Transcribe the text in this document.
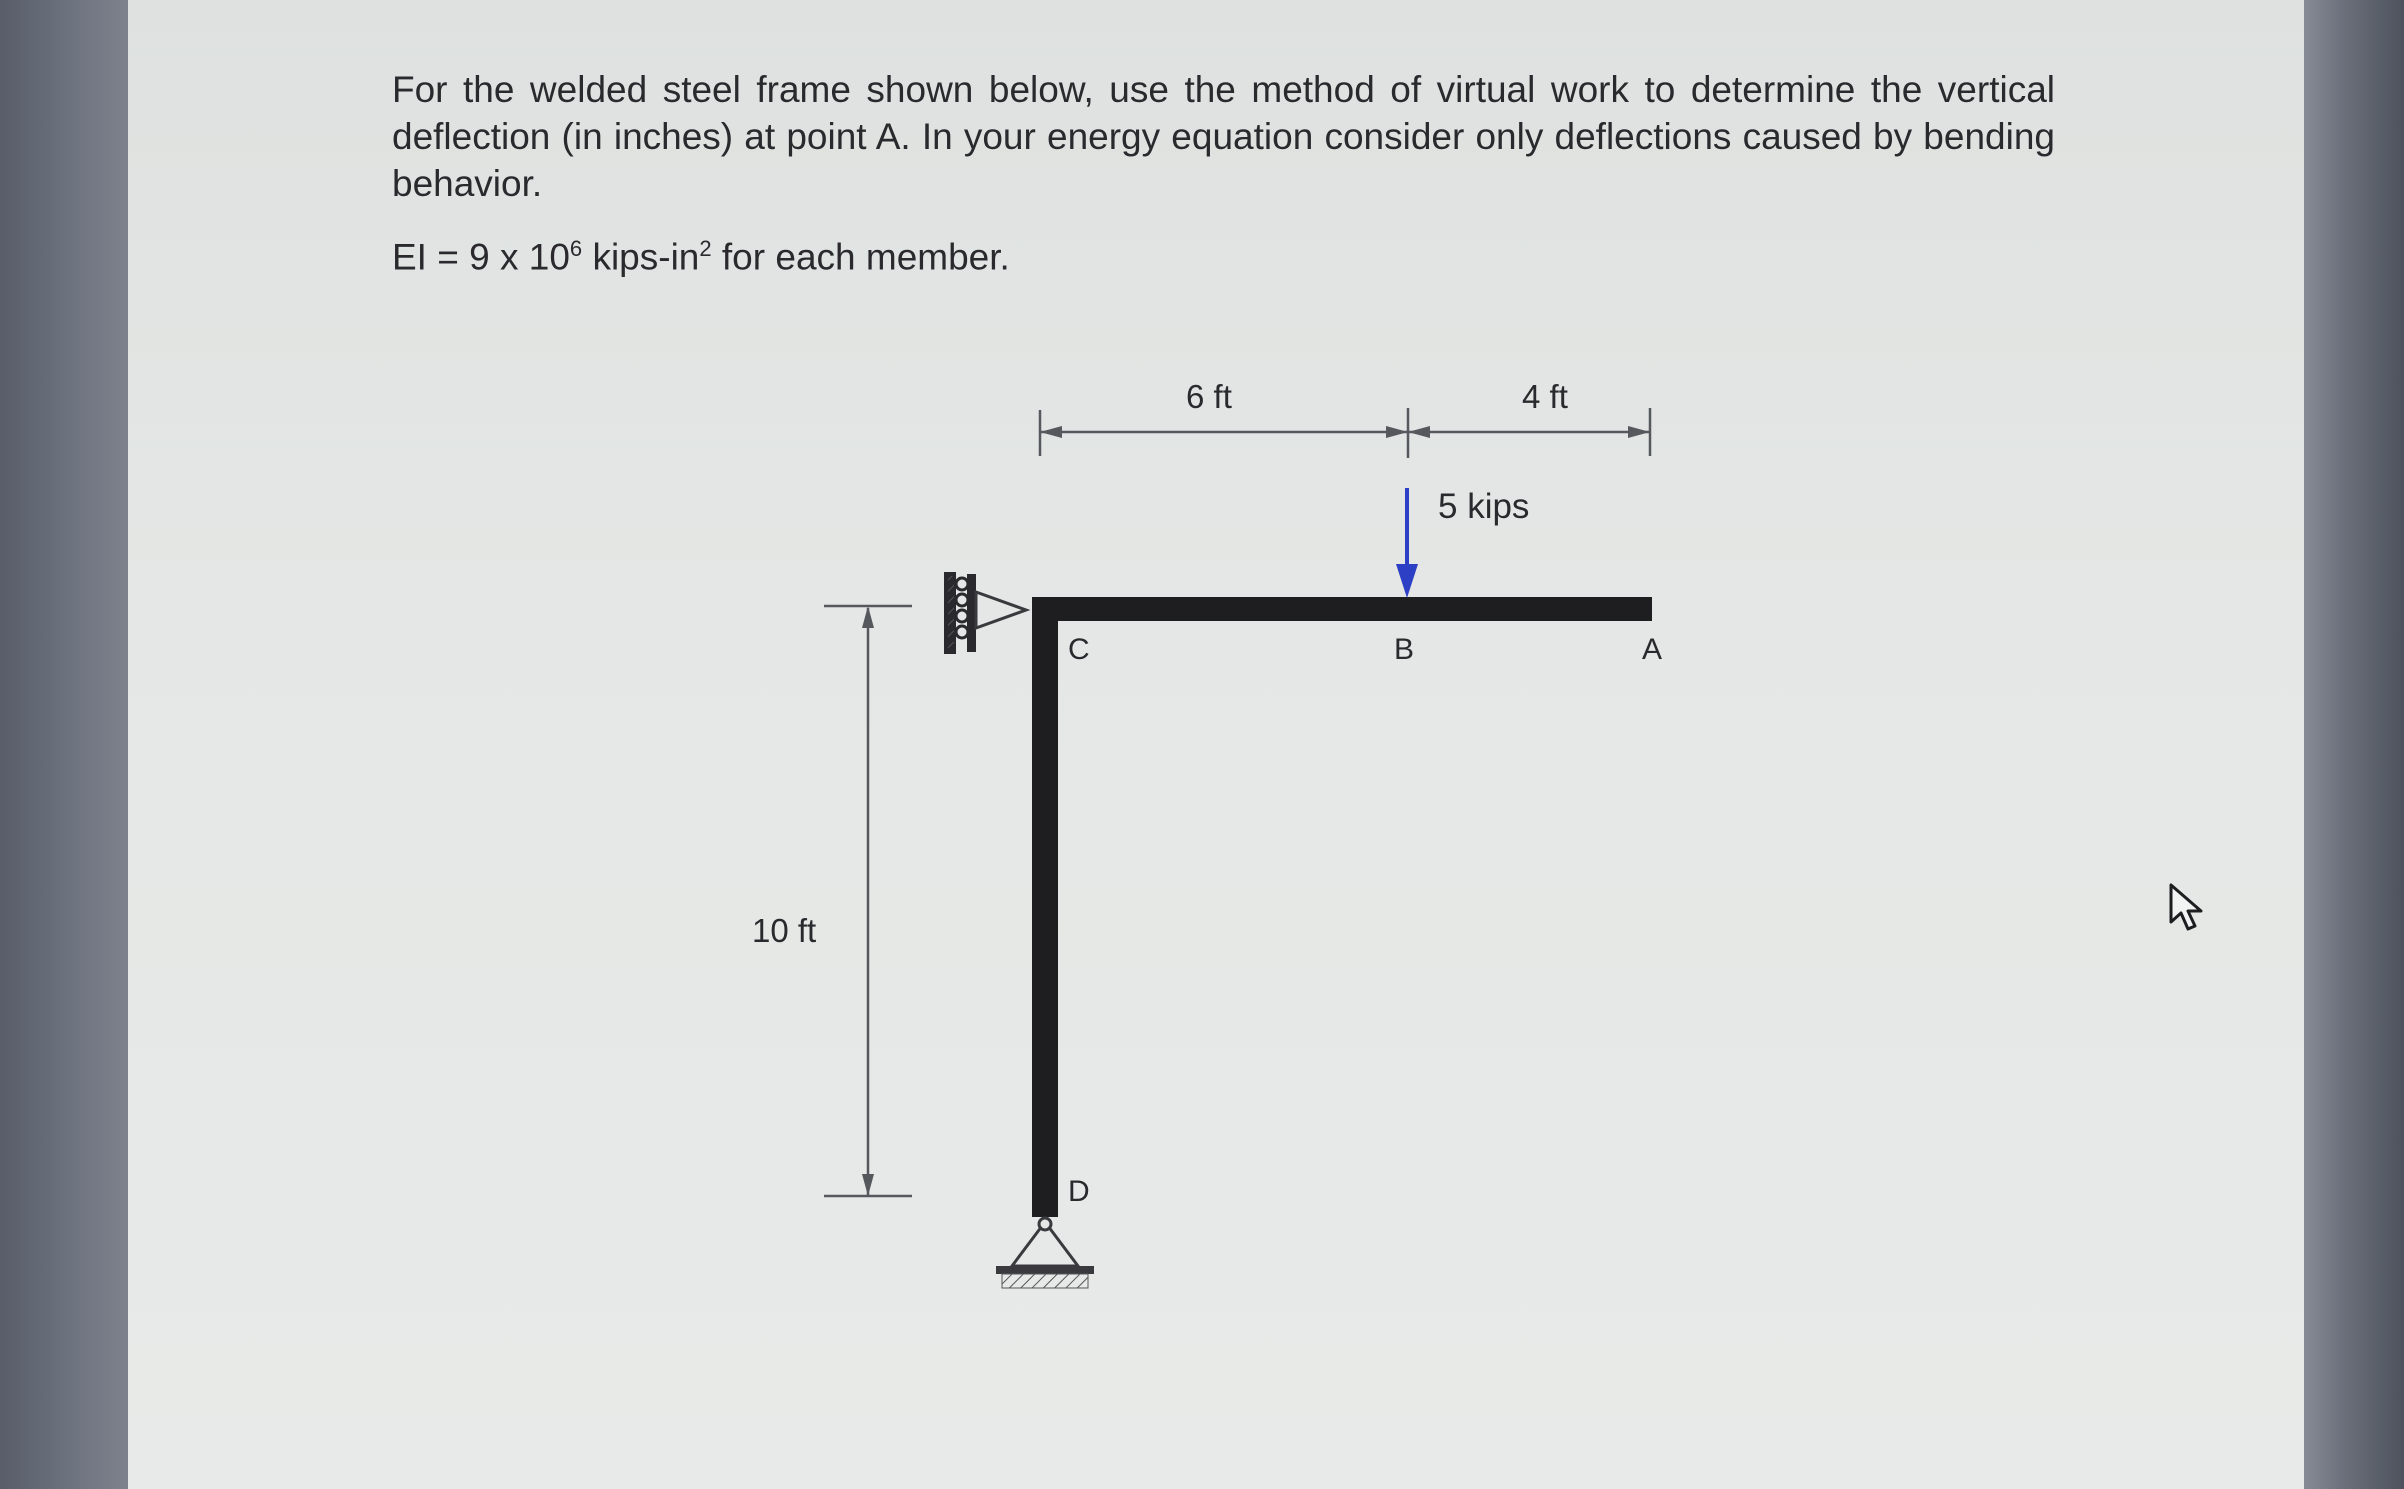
For the welded steel frame shown below, use the method of virtual work to determine the vertical deflection (in inches) at point A. In your energy equation consider only deflections caused by bending behavior.

EI = 9 x $10^6$ kips-$in^2$ for each member.

6 ft	4 ft
10 ft
5 kips
C	B	A
D
